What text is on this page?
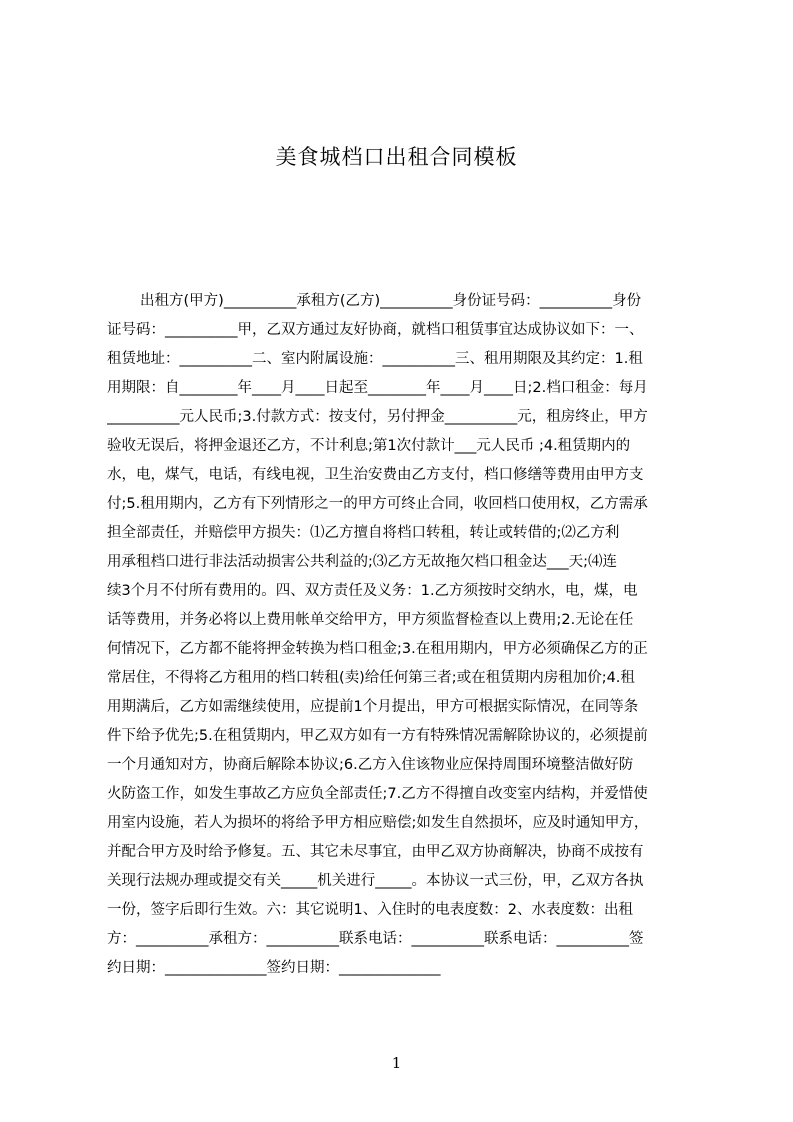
美食城档口出租合同模板
出租方(甲方)__________承租方(乙方)__________身份证号码：__________身份
证号码：__________甲，乙双方通过友好协商，就档口租赁事宜达成协议如下：一、
租赁地址：__________二、室内附属设施：__________三、租用期限及其约定：1.租
用期限：自________年____月____日起至________年____月____日;2.档口租金：每月
__________元人民币;3.付款方式：按支付，另付押金__________元，租房终止，甲方
验收无误后，将押金退还乙方，不计利息;第1次付款计___元人民币 ;4.租赁期内的
水，电，煤气，电话，有线电视，卫生治安费由乙方支付，档口修缮等费用由甲方支
付;5.租用期内，乙方有下列情形之一的甲方可终止合同，收回档口使用权，乙方需承
担全部责任，并赔偿甲方损失：⑴乙方擅自将档口转租，转让或转借的;⑵乙方利
用承租档口进行非法活动损害公共利益的;⑶乙方无故拖欠档口租金达___天;⑷连
续3个月不付所有费用的。四、双方责任及义务：1.乙方须按时交纳水，电，煤，电
话等费用，并务必将以上费用帐单交给甲方，甲方须监督检查以上费用;2.无论在任
何情况下，乙方都不能将押金转换为档口租金;3.在租用期内，甲方必须确保乙方的正
常居住，不得将乙方租用的档口转租(卖)给任何第三者;或在租赁期内房租加价;4.租
用期满后，乙方如需继续使用，应提前1个月提出，甲方可根据实际情况，在同等条
件下给予优先;5.在租赁期内，甲乙双方如有一方有特殊情况需解除协议的，必须提前
一个月通知对方，协商后解除本协议;6.乙方入住该物业应保持周围环境整洁做好防
火防盗工作，如发生事故乙方应负全部责任;7.乙方不得擅自改变室内结构，并爱惜使
用室内设施，若人为损坏的将给予甲方相应赔偿;如发生自然损坏，应及时通知甲方，
并配合甲方及时给予修复。五、其它未尽事宜，由甲乙双方协商解决，协商不成按有
关现行法规办理或提交有关_____机关进行_____。本协议一式三份，甲，乙双方各执
一份，签字后即行生效。六：其它说明1、入住时的电表度数：2、水表度数：出租
方：__________承租方：__________联系电话：__________联系电话：__________签
约日期：______________签约日期：______________
1
